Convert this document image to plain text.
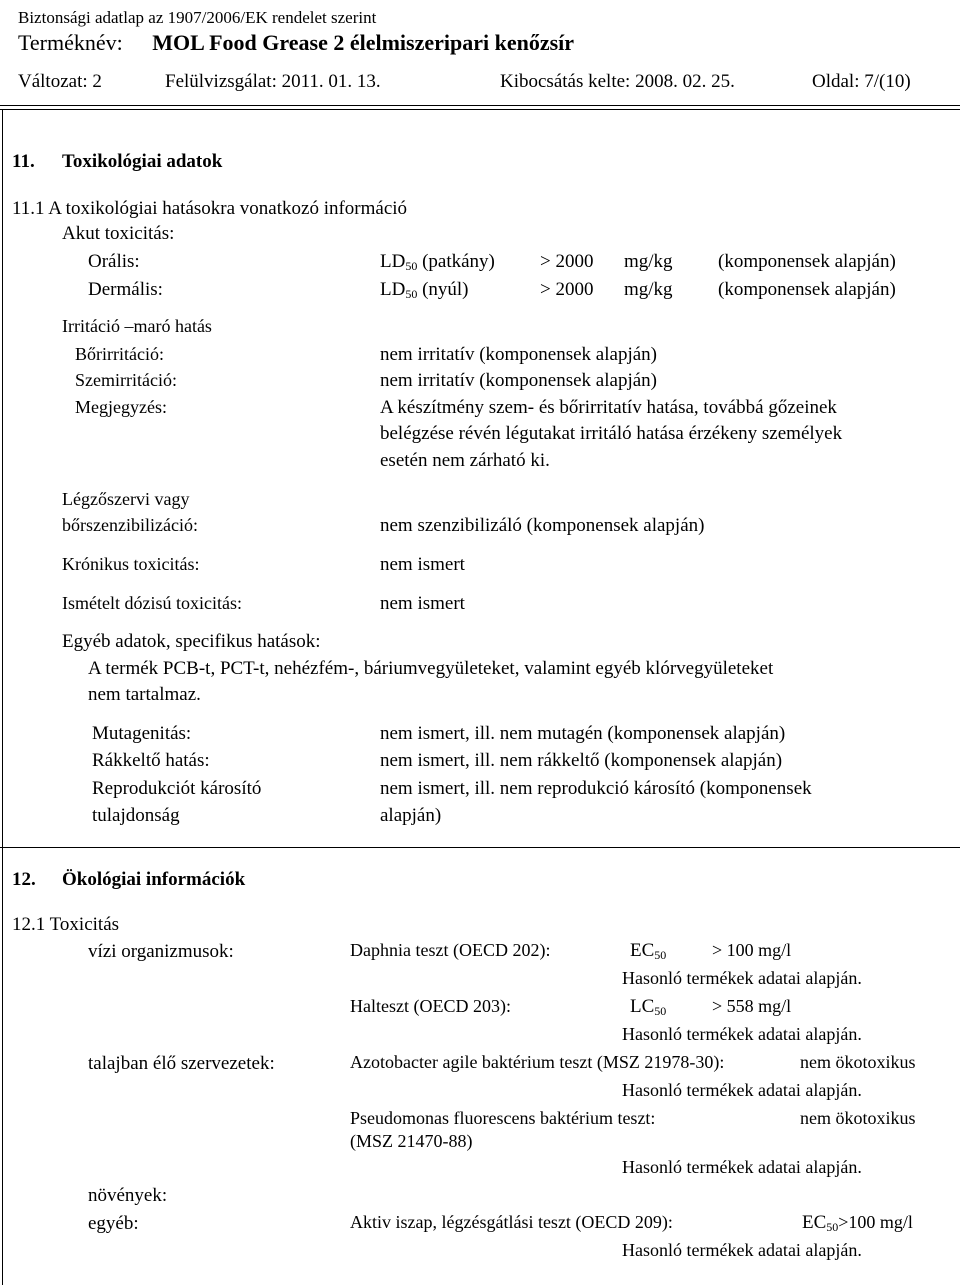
Biztonsági adatlap az 1907/2006/EK rendelet szerint
Terméknév: MOL Food Grease 2 élelmiszeripari kenőzsír
Változat: 2	Felülvizsgálat: 2011. 01. 13.	Kibocsátás kelte: 2008. 02. 25.	Oldal: 7/(10)
11. Toxikológiai adatok
11.1 A toxikológiai hatásokra vonatkozó információ
Akut toxicitás:
Orális:	$LD_{50}$ (patkány) > 2000 mg/kg (komponensek alapján)
Dermális:	$LD_{50}$ (nyúl)	> 2000 mg/kg (komponensek alapján)
Irritáció –maró hatás
Bőrirritáció:	nem irritatív (komponensek alapján)
Szemirritáció:	nem irritatív (komponensek alapján)
Megjegyzés:	A készítmény szem- és bőrirritatív hatása, továbbá gőzeinek
belégzése révén légutakat irritáló hatása érzékeny személyek
esetén nem zárható ki.
Légzőszervi vagy
bőrszenzibilizáció:	nem szenzibilizáló (komponensek alapján)
Krónikus toxicitás:	nem ismert
Ismételt dózisú toxicitás:	nem ismert
Egyéb adatok, specifikus hatások:
A termék PCB-t, PCT-t, nehézfém-, báriumvegyületeket, valamint egyéb klórvegyületeket
nem tartalmaz.
Mutagenitás:	nem ismert, ill. nem mutagén (komponensek alapján)
Rákkeltő hatás:	nem ismert, ill. nem rákkeltő (komponensek alapján)
Reprodukciót károsító	nem ismert, ill. nem reprodukció károsító (komponensek
tulajdonság	alapján)
12. Ökológiai információk
12.1 Toxicitás
vízi organizmusok:	Daphnia teszt (OECD 202):	$EC_{50}$	> 100 mg/l
Hasonló termékek adatai alapján.
Halteszt (OECD 203):	$LC_{50}$	> 558 mg/l
Hasonló termékek adatai alapján.
talajban élő szervezetek:	Azotobacter agile baktérium teszt (MSZ 21978-30):	nem ökotoxikus
Hasonló termékek adatai alapján.
Pseudomonas fluorescens baktérium teszt:	nem ökotoxikus
(MSZ 21470-88)
Hasonló termékek adatai alapján.
növények:
egyéb:	Aktiv iszap, légzésgátlási teszt (OECD 209):	$EC_{50}>100$ mg/l
Hasonló termékek adatai alapján.
